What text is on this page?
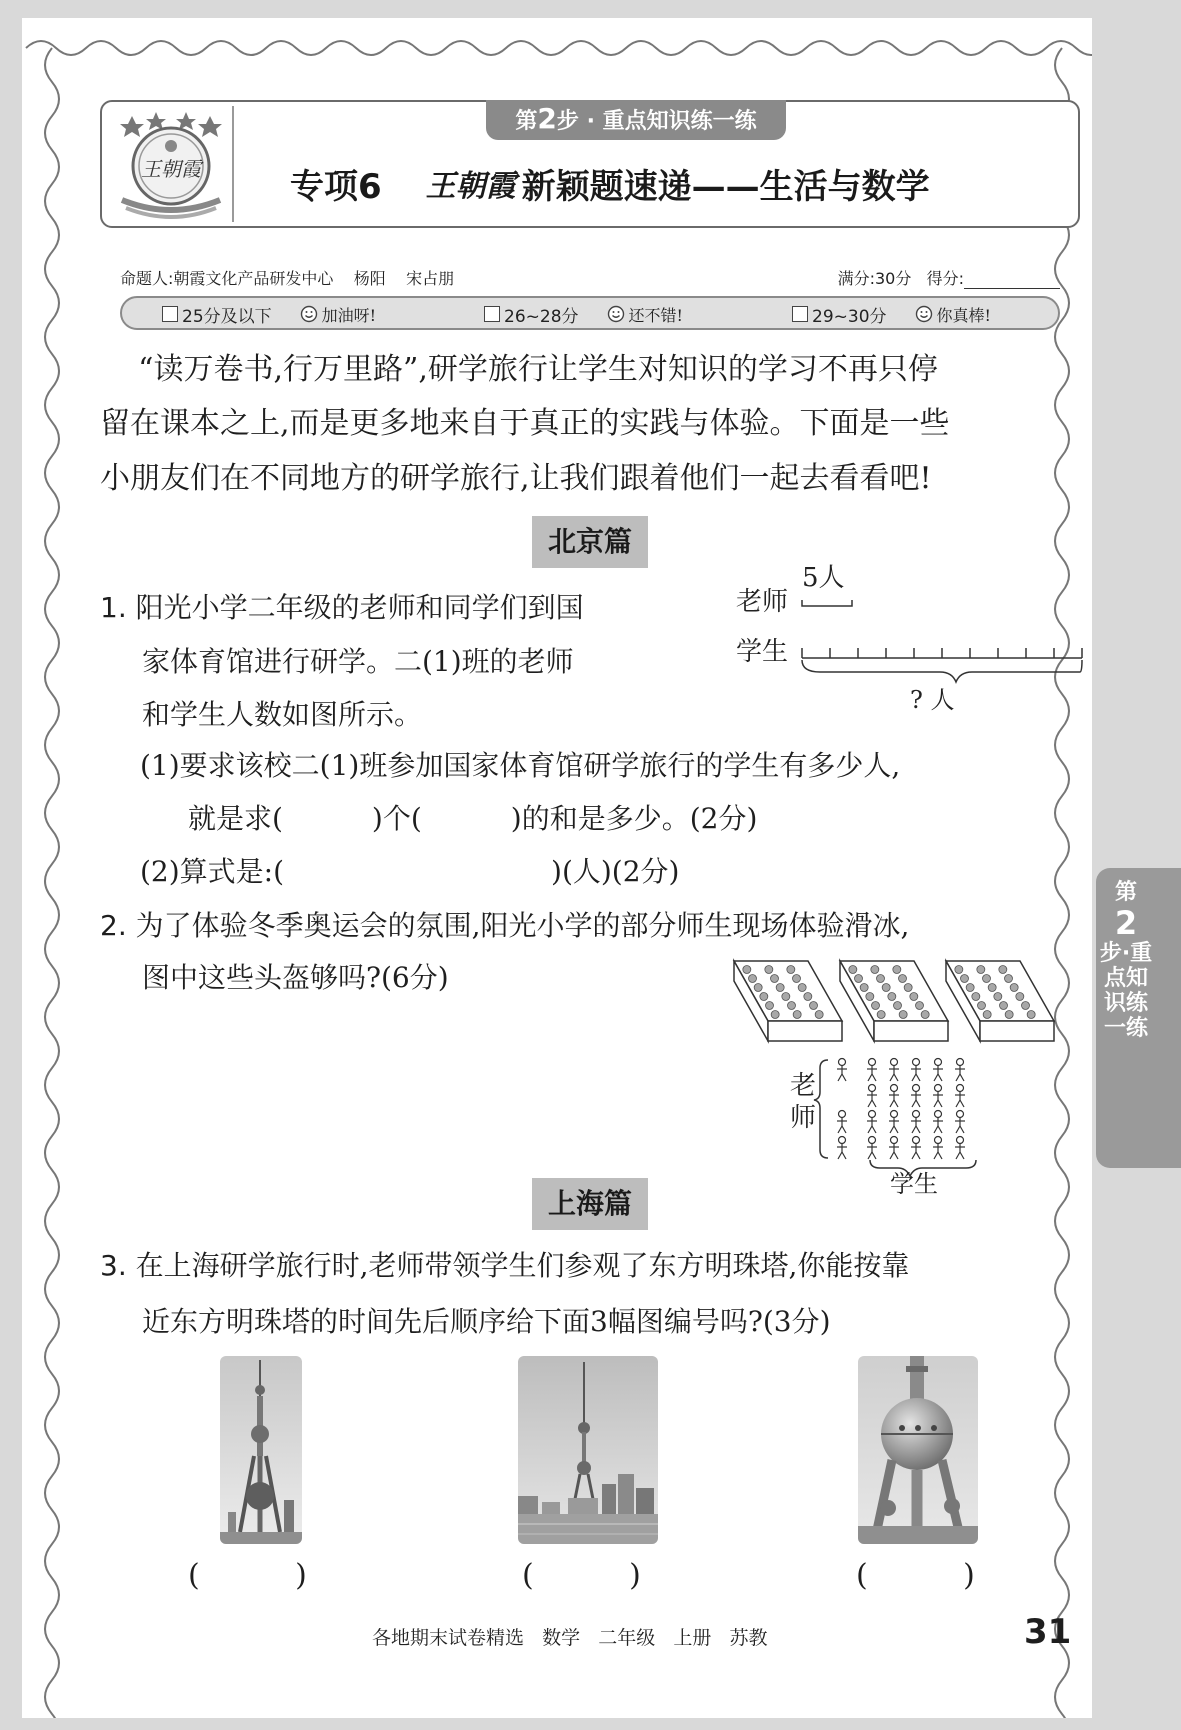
王朝霞
第2步 · 重点知识练一练
专项6 王朝霞 新颖题速递——生活与数学
命题人:朝霞文化产品研发中心    杨阳    宋占朋	满分:30分   得分:
25分及以下	加油呀!	26~28分	还不错!	29~30分	你真棒!
“读万卷书,行万里路”,研学旅行让学生对知识的学习不再只停
留在课本之上,而是更多地来自于真正的实践与体验。下面是一些
小朋友们在不同地方的研学旅行,让我们跟着他们一起去看看吧!
北京篇
1. 阳光小学二年级的老师和同学们到国
家体育馆进行研学。二(1)班的老师
和学生人数如图所示。
老师
5人
学生
? 人
(1)要求该校二(1)班参加国家体育馆研学旅行的学生有多少人,
就是求(          )个(          )的和是多少。(2分)
(2)算式是:(                              )(人)(2分)
2. 为了体验冬季奥运会的氛围,阳光小学的部分师生现场体验滑冰,
图中这些头盔够吗?(6分)
老
师
学生
上海篇
3. 在上海研学旅行时,老师带领学生们参观了东方明珠塔,你能按靠
近东方明珠塔的时间先后顺序给下面3幅图编号吗?(3分)
(          )	(          )	(          )
第
2
步·重点知识练一练
各地期末试卷精选   数学   二年级   上册   苏教	31
